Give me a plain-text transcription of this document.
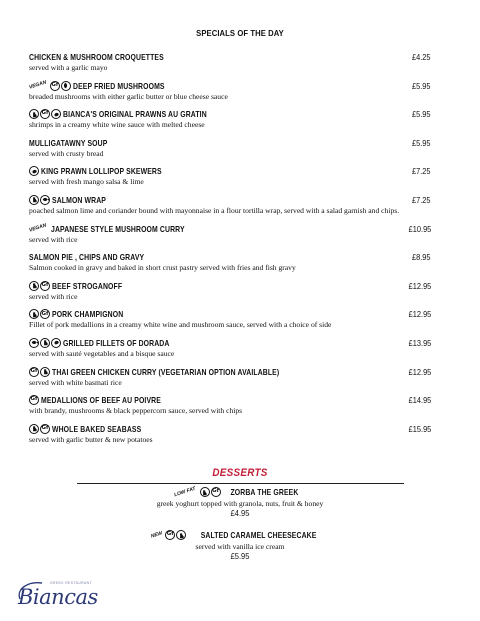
SPECIALS OF THE DAY
CHICKEN & MUSHROOM CROQUETTES	£4.25
served with a garlic mayo
VEGAN Gf DEEP FRIED MUSHROOMS	£5.95
breaded mushrooms with either garlic butter or blue cheese sauce
Gf BIANCA'S ORIGINAL PRAWNS AU GRATIN	£5.95
shrimps in a creamy white wine sauce with melted cheese
MULLIGATAWNY SOUP	£5.95
served with crusty bread
KING PRAWN LOLLIPOP SKEWERS	£7.25
served with fresh mango salsa & lime
SALMON WRAP	£7.25
poached salmon lime and coriander bound with mayonnaise in a flour tortilla wrap, served with a salad garnish and chips.
VEGAN JAPANESE STYLE MUSHROOM CURRY	£10.95
served with rice
SALMON PIE , CHIPS AND GRAVY	£8.95
Salmon cooked in gravy and baked in short crust pastry served with fries and fish gravy
Gf BEEF STROGANOFF	£12.95
served with rice
Gf PORK CHAMPIGNON	£12.95
Fillet of pork medallions in a creamy white wine and mushroom sauce, served with a choice of side
GRILLED FILLETS OF DORADA	£13.95
served with sauté vegetables and a bisque sauce
Gf THAI GREEN CHICKEN CURRY (VEGETARIAN OPTION AVAILABLE)	£12.95
served with white basmati rice
Gf MEDALLIONS OF BEEF AU POIVRE	£14.95
with brandy, mushrooms & black peppercorn sauce, served with chips
Gf WHOLE BAKED SEABASS	£15.95
served with garlic butter & new potatoes
DESSERTS
LOW FAT	Gf ZORBA THE GREEK
greek yoghurt topped with granola, nuts, fruit & honey
£4.95
NEW Gf	SALTED CARAMEL CHEESECAKE
served with vanilla ice cream
£5.95
GREEK RESTAURANT
Biancas
